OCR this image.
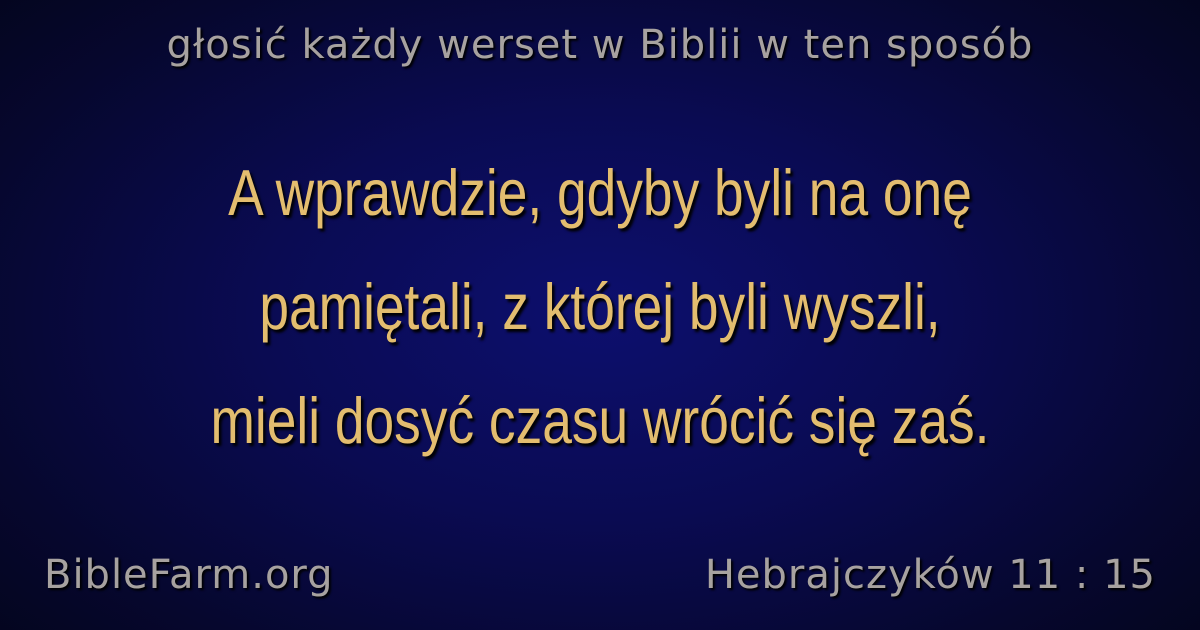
głosić każdy werset w Biblii w ten sposób
A wprawdzie, gdyby byli na onę
pamiętali, z której byli wyszli,
mieli dosyć czasu wrócić się zaś.
BibleFarm.org	Hebrajczyków 11 : 15
